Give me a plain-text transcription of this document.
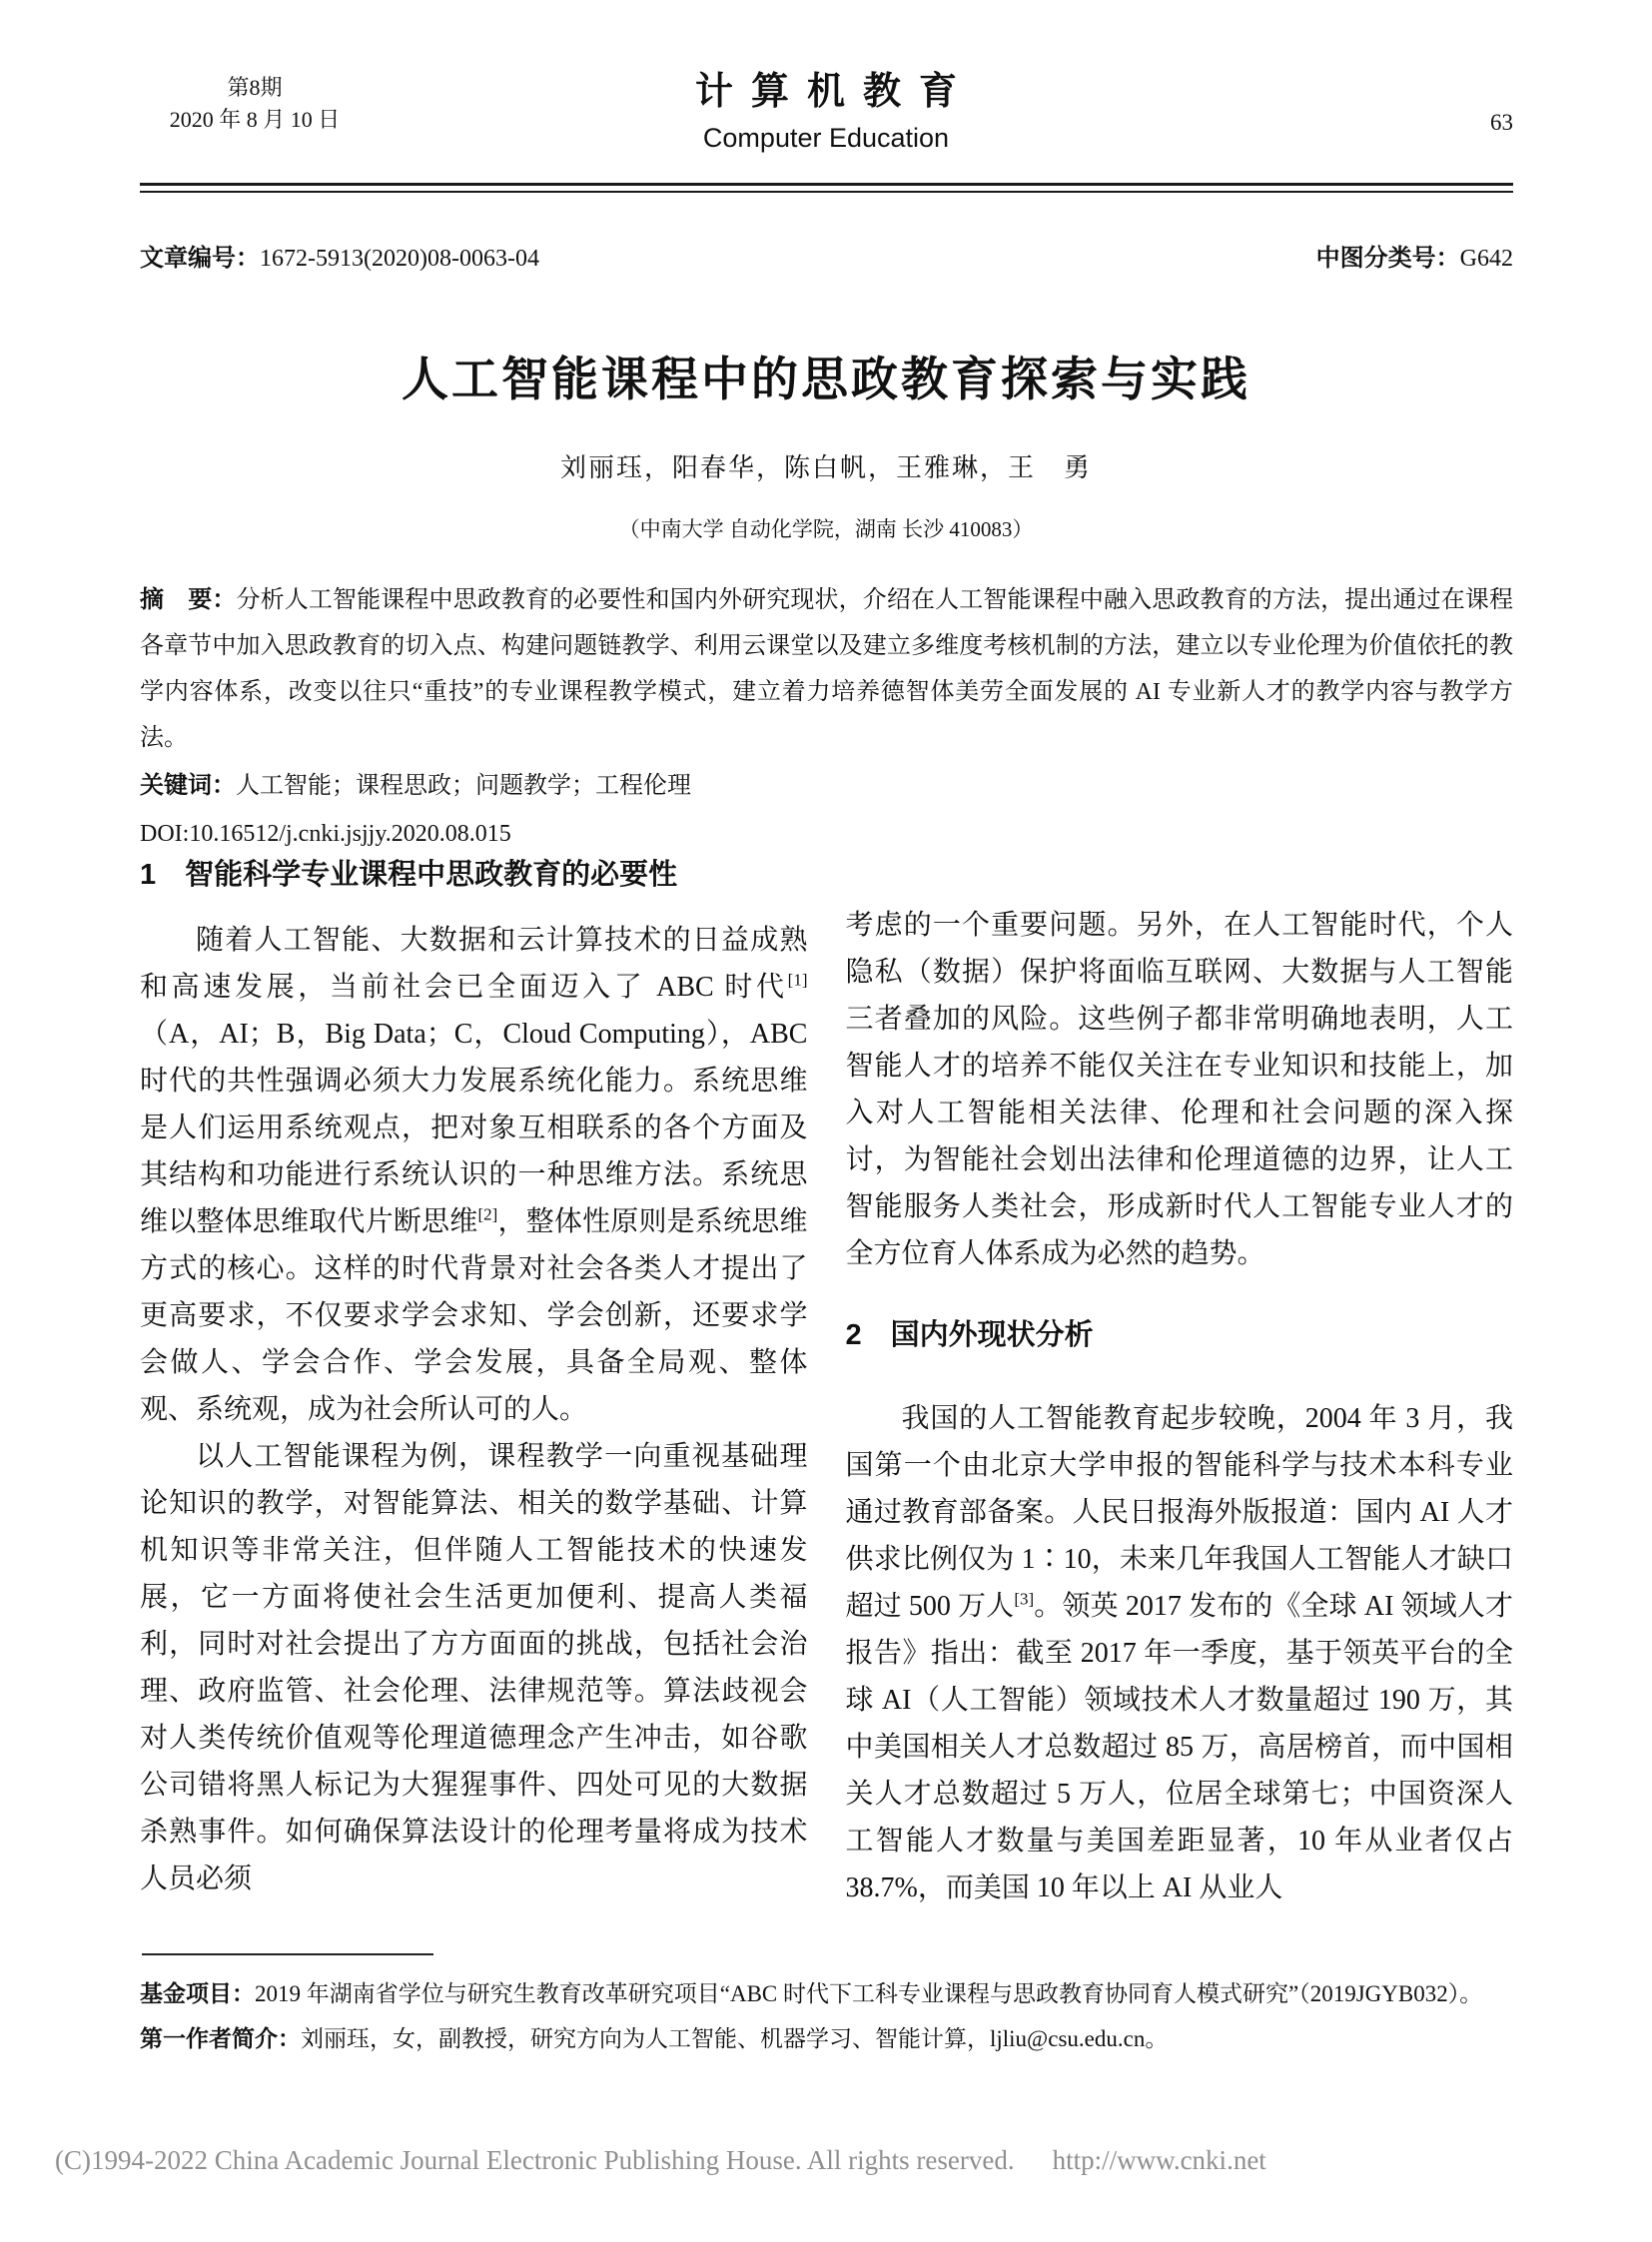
第8期
2020 年 8 月 10 日
计算机教育
Computer Education
63
文章编号：1672-5913(2020)08-0063-04	中图分类号：G642
人工智能课程中的思政教育探索与实践
刘丽珏，阳春华，陈白帆，王雅琳，王　勇
（中南大学 自动化学院，湖南 长沙 410083）

摘　要：分析人工智能课程中思政教育的必要性和国内外研究现状，介绍在人工智能课程中融入思政教育的方法，提出通过在课程各章节中加入思政教育的切入点、构建问题链教学、利用云课堂以及建立多维度考核机制的方法，建立以专业伦理为价值依托的教学内容体系，改变以往只“重技”的专业课程教学模式，建立着力培养德智体美劳全面发展的 AI 专业新人才的教学内容与教学方法。

关键词：人工智能；课程思政；问题教学；工程伦理

DOI:10.16512/j.cnki.jsjjy.2020.08.015

1　智能科学专业课程中思政教育的必要性

随着人工智能、大数据和云计算技术的日益成熟和高速发展，当前社会已全面迈入了 ABC 时代[1]（A，AI；B，Big Data；C，Cloud Computing），ABC 时代的共性强调必须大力发展系统化能力。系统思维是人们运用系统观点，把对象互相联系的各个方面及其结构和功能进行系统认识的一种思维方法。系统思维以整体思维取代片断思维[2]，整体性原则是系统思维方式的核心。这样的时代背景对社会各类人才提出了更高要求，不仅要求学会求知、学会创新，还要求学会做人、学会合作、学会发展，具备全局观、整体观、系统观，成为社会所认可的人。

以人工智能课程为例，课程教学一向重视基础理论知识的教学，对智能算法、相关的数学基础、计算机知识等非常关注，但伴随人工智能技术的快速发展，它一方面将使社会生活更加便利、提高人类福利，同时对社会提出了方方面面的挑战，包括社会治理、政府监管、社会伦理、法律规范等。算法歧视会对人类传统价值观等伦理道德理念产生冲击，如谷歌公司错将黑人标记为大猩猩事件、四处可见的大数据杀熟事件。如何确保算法设计的伦理考量将成为技术人员必须

考虑的一个重要问题。另外，在人工智能时代，个人隐私（数据）保护将面临互联网、大数据与人工智能三者叠加的风险。这些例子都非常明确地表明，人工智能人才的培养不能仅关注在专业知识和技能上，加入对人工智能相关法律、伦理和社会问题的深入探讨，为智能社会划出法律和伦理道德的边界，让人工智能服务人类社会，形成新时代人工智能专业人才的全方位育人体系成为必然的趋势。

2　国内外现状分析

我国的人工智能教育起步较晚，2004 年 3 月，我国第一个由北京大学申报的智能科学与技术本科专业通过教育部备案。人民日报海外版报道：国内 AI 人才供求比例仅为 1∶10，未来几年我国人工智能人才缺口超过 500 万人[3]。领英 2017 发布的《全球 AI 领域人才报告》指出：截至 2017 年一季度，基于领英平台的全球 AI（人工智能）领域技术人才数量超过 190 万，其中美国相关人才总数超过 85 万，高居榜首，而中国相关人才总数超过 5 万人，位居全球第七；中国资深人工智能人才数量与美国差距显著，10 年从业者仅占 38.7%，而美国 10 年以上 AI 从业人

基金项目：2019 年湖南省学位与研究生教育改革研究项目“ABC 时代下工科专业课程与思政教育协同育人模式研究”（2019JGYB032）。

第一作者简介：刘丽珏，女，副教授，研究方向为人工智能、机器学习、智能计算，ljliu@csu.edu.cn。

(C)1994-2022 China Academic Journal Electronic Publishing House. All rights reserved. http://www.cnki.net
